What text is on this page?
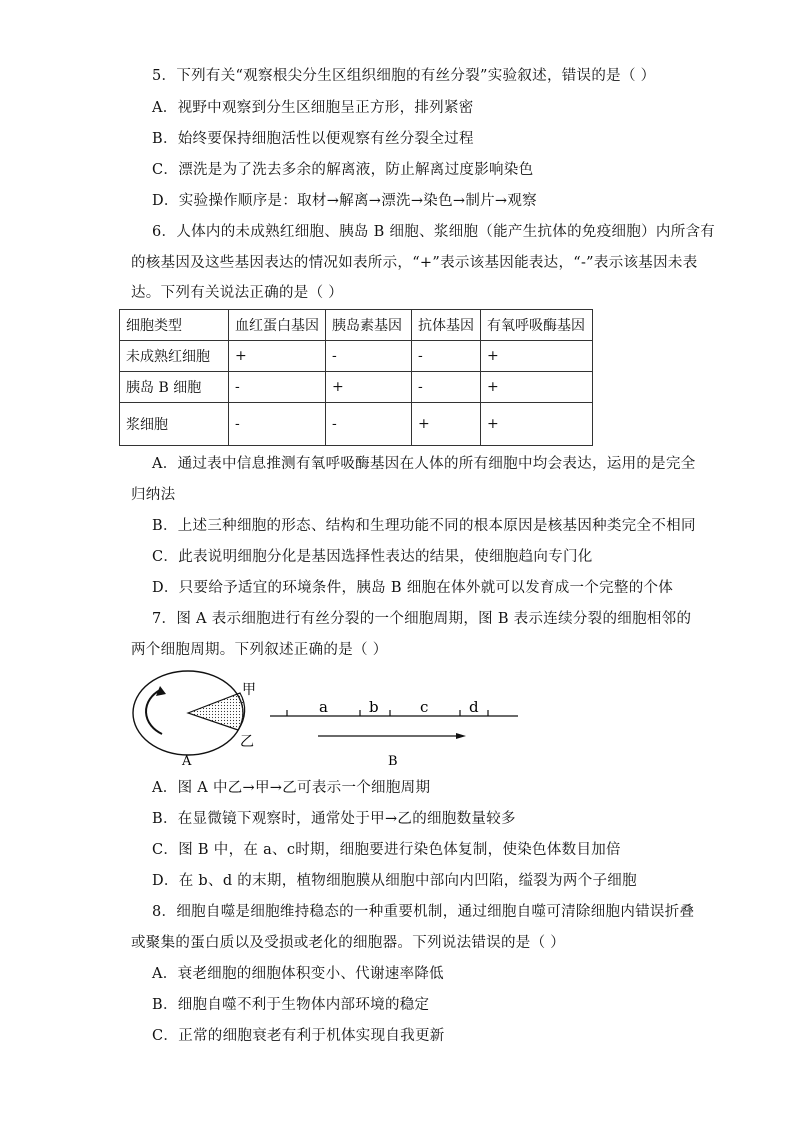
5．下列有关“观察根尖分生区组织细胞的有丝分裂”实验叙述，错误的是（ ）
A．视野中观察到分生区细胞呈正方形，排列紧密
B．始终要保持细胞活性以便观察有丝分裂全过程
C．漂洗是为了洗去多余的解离液，防止解离过度影响染色
D．实验操作顺序是：取材→解离→漂洗→染色→制片→观察
6．人体内的未成熟红细胞、胰岛 B 细胞、浆细胞（能产生抗体的免疫细胞）内所含有
的核基因及这些基因表达的情况如表所示，“+”表示该基因能表达，“-”表示该基因未表
达。下列有关说法正确的是（ ）
细胞类型	血红蛋白基因	胰岛素基因	抗体基因	有氧呼吸酶基因
未成熟红细胞	+	-	-	+
胰岛 B 细胞	-	+	-	+
浆细胞	-	-	+	+
A．通过表中信息推测有氧呼吸酶基因在人体的所有细胞中均会表达，运用的是完全
归纳法
B．上述三种细胞的形态、结构和生理功能不同的根本原因是核基因种类完全不相同
C．此表说明细胞分化是基因选择性表达的结果，使细胞趋向专门化
D．只要给予适宜的环境条件，胰岛 B 细胞在体外就可以发育成一个完整的个体
7．图 A 表示细胞进行有丝分裂的一个细胞周期，图 B 表示连续分裂的细胞相邻的
两个细胞周期。下列叙述正确的是（ ）
甲
乙
A
a	b	c	d
B
A．图 A 中乙→甲→乙可表示一个细胞周期
B．在显微镜下观察时，通常处于甲→乙的细胞数量较多
C．图 B 中，在 a、c时期，细胞要进行染色体复制，使染色体数目加倍
D．在 b、d 的末期，植物细胞膜从细胞中部向内凹陷，缢裂为两个子细胞
8．细胞自噬是细胞维持稳态的一种重要机制，通过细胞自噬可清除细胞内错误折叠
或聚集的蛋白质以及受损或老化的细胞器。下列说法错误的是（ ）
A．衰老细胞的细胞体积变小、代谢速率降低
B．细胞自噬不利于生物体内部环境的稳定
C．正常的细胞衰老有利于机体实现自我更新
